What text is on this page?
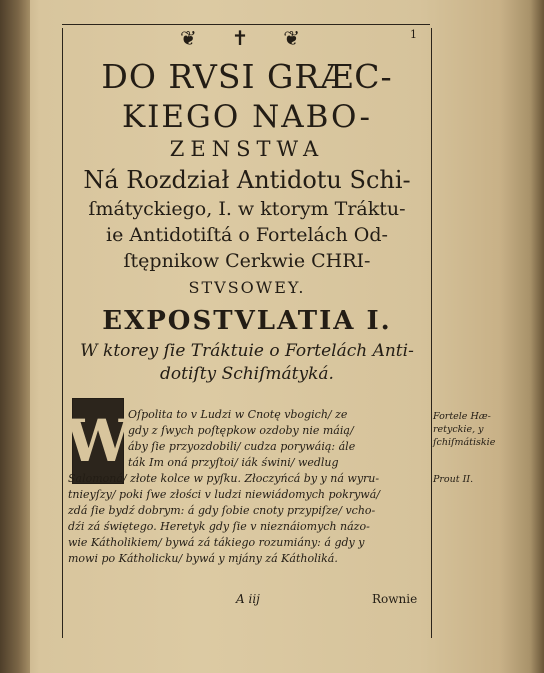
❦ ✝ ❦	1
DO RVSI GRÆC-
KIEGO NABO-
ZENSTWA
Ná Rozdział Antidotu Schi-
ſmátyckiego, I. w ktorym Tráktu-
ie Antidotiſtá o Fortelách Od-
ſtępnikow Cerkwie CHRI-
STVSOWEY.
EXPOSTVLATIA I.
W ktorey ſie Tráktuie o Fortelách Anti-
dotiſty Schiſmátyká.
W
Oſpolita to v Ludzi w Cnotę vbogich/ ze
gdy z ſwych poſtępkow ozdoby nie máią/
áby ſie przyozdobili/ cudza porywáią: ále
ták Im oná przyſtoi/ iák świni/ wedlug
Salomoná/ złote kolce w pyſku. Złoczyńcá by y ná wyru-
tnieyſzy/ poki ſwe złości v ludzi niewiádomych pokrywá/
zdá ſie bydź dobrym: á gdy ſobie cnoty przypiſze/ vcho-
dźi zá świętego. Heretyk gdy ſie v nieznáiomych názo-
wie Kátholikiem/ bywá zá tákiego rozumiány: á gdy y
mowi po Kátholicku/ bywá y mjány zá Kátholiká.
A iij	Rownie
Fortele Hæ-
retyckie, y
ſchiſmátiskie
Prout II.
